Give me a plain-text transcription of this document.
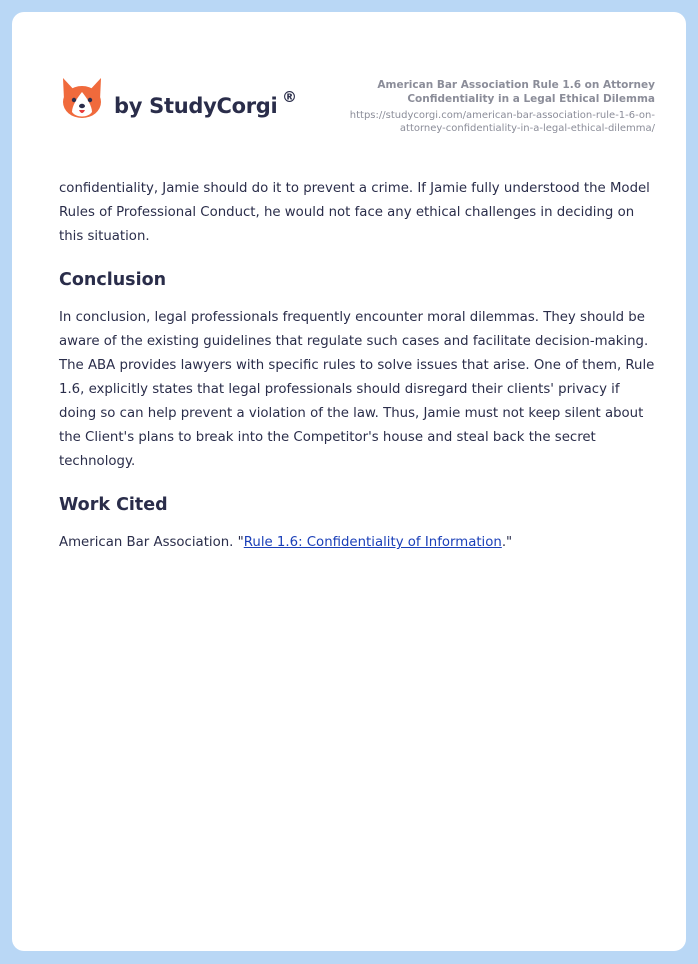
by StudyCorgi ®
American Bar Association Rule 1.6 on Attorney Confidentiality in a Legal Ethical Dilemma
https://studycorgi.com/american-bar-association-rule-1-6-on-attorney-confidentiality-in-a-legal-ethical-dilemma/

confidentiality, Jamie should do it to prevent a crime. If Jamie fully understood the Model Rules of Professional Conduct, he would not face any ethical challenges in deciding on this situation.

Conclusion

In conclusion, legal professionals frequently encounter moral dilemmas. They should be aware of the existing guidelines that regulate such cases and facilitate decision-making. The ABA provides lawyers with specific rules to solve issues that arise. One of them, Rule 1.6, explicitly states that legal professionals should disregard their clients' privacy if doing so can help prevent a violation of the law. Thus, Jamie must not keep silent about the Client's plans to break into the Competitor's house and steal back the secret technology.

Work Cited

American Bar Association. "Rule 1.6: Confidentiality of Information."
